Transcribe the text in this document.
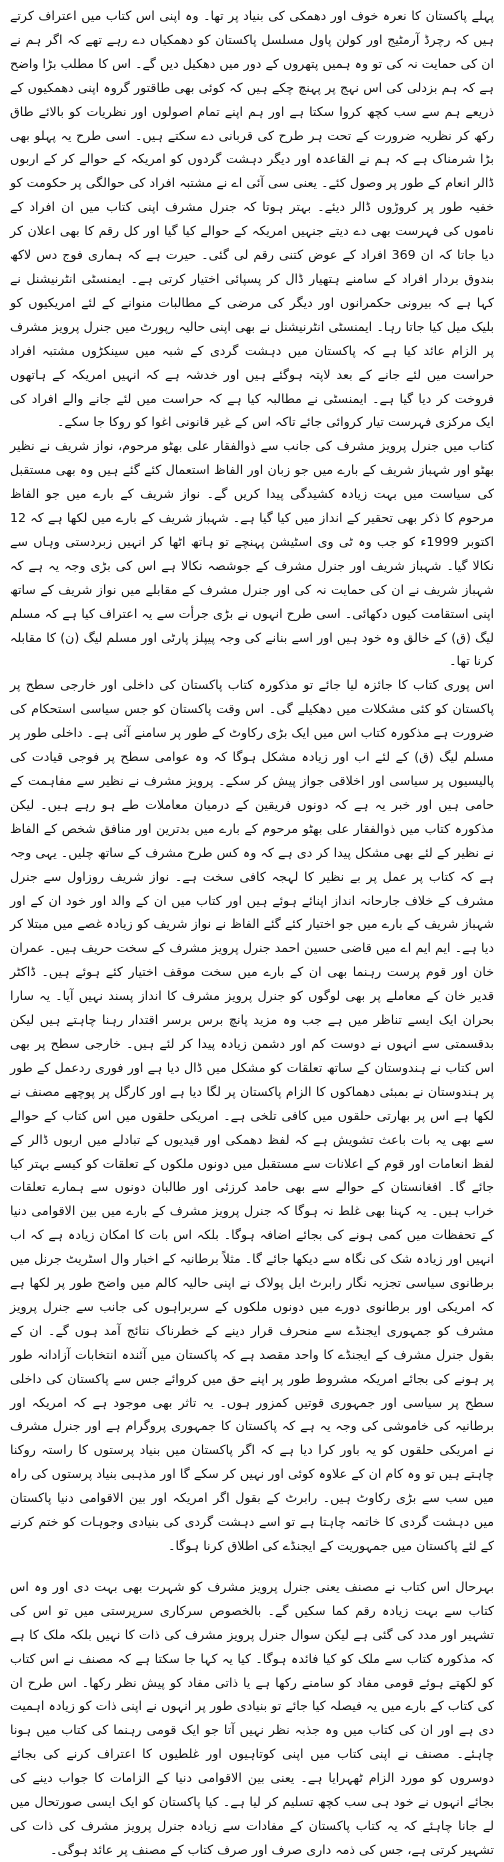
پہلے پاکستان کا نعرہ خوف اور دھمکی کی بنیاد پر تھا۔ وہ اپنی اس کتاب میں اعتراف کرتے ہیں کہ رچرڈ آرمٹیج اور کولن پاول مسلسل پاکستان کو دھمکیاں دے رہے تھے کہ اگر ہم نے ان کی حمایت نہ کی تو وہ ہمیں پتھروں کے دور میں دھکیل دیں گے۔ اس کا مطلب بڑا واضح ہے کہ ہم بزدلی کی اس نہج پر پہنچ چکے ہیں کہ کوئی بھی طاقتور گروہ اپنی دھمکیوں کے ذریعے ہم سے سب کچھ کروا سکتا ہے اور ہم اپنے تمام اصولوں اور نظریات کو بالائے طاق رکھ کر نظریہ ضرورت کے تحت ہر طرح کی قربانی دے سکتے ہیں۔ اسی طرح یہ پہلو بھی بڑا شرمناک ہے کہ ہم نے القاعدہ اور دیگر دہشت گردوں کو امریکہ کے حوالے کر کے اربوں ڈالر انعام کے طور پر وصول کئے۔ یعنی سی آئی اے نے مشتبہ افراد کی حوالگی پر حکومت کو خفیہ طور پر کروڑوں ڈالر دیئے۔ بہتر ہوتا کہ جنرل مشرف اپنی کتاب میں ان افراد کے ناموں کی فہرست بھی دے دیتے جنہیں امریکہ کے حوالے کیا گیا اور کل رقم کا بھی اعلان کر دیا جاتا کہ ان 369 افراد کے عوض کتنی رقم لی گئی۔ حیرت ہے کہ ہماری فوج دس لاکھ بندوق بردار افراد کے سامنے ہتھیار ڈال کر پسپائی اختیار کرتی ہے۔ ایمنسٹی انٹرنیشنل نے کہا ہے کہ بیرونی حکمرانوں اور دیگر کی مرضی کے مطالبات منوانے کے لئے امریکیوں کو بلیک میل کیا جاتا رہا۔ ایمنسٹی انٹرنیشنل نے بھی اپنی حالیہ رپورٹ میں جنرل پرویز مشرف پر الزام عائد کیا ہے کہ پاکستان میں دہشت گردی کے شبہ میں سینکڑوں مشتبہ افراد حراست میں لئے جانے کے بعد لاپتہ ہوگئے ہیں اور خدشہ ہے کہ انہیں امریکہ کے ہاتھوں فروخت کر دیا گیا ہے۔ ایمنسٹی نے مطالبہ کیا ہے کہ حراست میں لئے جانے والے افراد کی ایک مرکزی فہرست تیار کروائی جائے تاکہ اس کے غیر قانونی اغوا کو روکا جا سکے۔

کتاب میں جنرل پرویز مشرف کی جانب سے ذوالفقار علی بھٹو مرحوم، نواز شریف نے نظیر بھٹو اور شہباز شریف کے بارے میں جو زبان اور الفاظ استعمال کئے گئے ہیں وہ بھی مستقبل کی سیاست میں بہت زیادہ کشیدگی پیدا کریں گے۔ نواز شریف کے بارے میں جو الفاظ مرحوم کا ذکر بھی تحقیر کے انداز میں کیا گیا ہے۔ شہباز شریف کے بارے میں لکھا ہے کہ 12 اکتوبر 1999ء کو جب وہ ٹی وی اسٹیشن پہنچے تو ہاتھ اٹھا کر انہیں زبردستی وہاں سے نکالا گیا۔ شہباز شریف اور جنرل مشرف کے جوشصہ نکالا ہے اس کی بڑی وجہ یہ ہے کہ شہباز شریف نے ان کی حمایت نہ کی اور جنرل مشرف کے مقابلے میں نواز شریف کے ساتھ اپنی استقامت کیوں دکھائی۔ اسی طرح انہوں نے بڑی جرأت سے یہ اعتراف کیا ہے کہ مسلم لیگ (ق) کے خالق وہ خود ہیں اور اسے بنانے کی وجہ پیپلز پارٹی اور مسلم لیگ (ن) کا مقابلہ کرنا تھا۔

اس پوری کتاب کا جائزہ لیا جائے تو مذکورہ کتاب پاکستان کی داخلی اور خارجی سطح پر پاکستان کو کئی مشکلات میں دھکیلے گی۔ اس وقت پاکستان کو جس سیاسی استحکام کی ضرورت ہے مذکورہ کتاب اس میں ایک بڑی رکاوٹ کے طور پر سامنے آئی ہے۔ داخلی طور پر مسلم لیگ (ق) کے لئے اب اور زیادہ مشکل ہوگا کہ وہ عوامی سطح پر فوجی قیادت کی پالیسیوں پر سیاسی اور اخلاقی جواز پیش کر سکے۔ پرویز مشرف نے نظیر سے مفاہمت کے حامی ہیں اور خبر یہ ہے کہ دونوں فریقین کے درمیان معاملات طے ہو رہے ہیں۔ لیکن مذکورہ کتاب میں ذوالفقار علی بھٹو مرحوم کے بارے میں بدترین اور منافق شخص کے الفاظ نے نظیر کے لئے بھی مشکل پیدا کر دی ہے کہ وہ کس طرح مشرف کے ساتھ چلیں۔ یہی وجہ ہے کہ کتاب پر عمل پر بے نظیر کا لہجہ کافی سخت ہے۔ نواز شریف روزاول سے جنرل مشرف کے خلاف جارحانہ انداز اپنائے ہوئے ہیں اور کتاب میں ان کے والد اور خود ان کے اور شہباز شریف کے بارے میں جو اختیار کئے گئے الفاظ نے نواز شریف کو زیادہ غصے میں مبتلا کر دیا ہے۔ ایم ایم اے میں قاضی حسین احمد جنرل پرویز مشرف کے سخت حریف ہیں۔ عمران خان اور قوم پرست رہنما بھی ان کے بارے میں سخت موقف اختیار کئے ہوئے ہیں۔ ڈاکٹر قدیر خان کے معاملے پر بھی لوگوں کو جنرل پرویز مشرف کا انداز پسند نہیں آیا۔ یہ سارا بحران ایک ایسے تناظر میں ہے جب وہ مزید پانچ برس برسر اقتدار رہنا چاہتے ہیں لیکن بدقسمتی سے انہوں نے دوست کم اور دشمن زیادہ پیدا کر لئے ہیں۔ خارجی سطح پر بھی اس کتاب نے ہندوستان کے ساتھ تعلقات کو مشکل میں ڈال دیا ہے اور فوری ردعمل کے طور پر ہندوستان نے بمبئی دھماکوں کا الزام پاکستان پر لگا دیا ہے اور کارگل پر پوچھے مصنف نے لکھا ہے اس پر بھارتی حلقوں میں کافی تلخی ہے۔ امریکی حلقوں میں اس کتاب کے حوالے سے بھی یہ بات باعث تشویش ہے کہ لفظ دھمکی اور قیدیوں کے تبادلے میں اربوں ڈالر کے لفظ انعامات اور قوم کے اعلانات سے مستقبل میں دونوں ملکوں کے تعلقات کو کیسے بہتر کیا جائے گا۔ افغانستان کے حوالے سے بھی حامد کرزئی اور طالبان دونوں سے ہمارے تعلقات خراب ہیں۔ یہ کہنا بھی غلط نہ ہوگا کہ جنرل پرویز مشرف کے بارے میں بین الاقوامی دنیا کے تحفظات میں کمی ہونے کی بجائے اضافہ ہوگا۔ بلکہ اس بات کا امکان زیادہ ہے کہ اب انہیں اور زیادہ شک کی نگاہ سے دیکھا جائے گا۔ مثلاً برطانیہ کے اخبار وال اسٹریٹ جرنل میں برطانوی سیاسی تجزیہ نگار رابرٹ ایل پولاک نے اپنی حالیہ کالم میں واضح طور پر لکھا ہے کہ امریکی اور برطانوی دورے میں دونوں ملکوں کے سربراہوں کی جانب سے جنرل پرویز مشرف کو جمہوری ایجنڈے سے منحرف قرار دینے کے خطرناک نتائج آمد ہوں گے۔ ان کے بقول جنرل مشرف کے ایجنڈے کا واحد مقصد ہے کہ پاکستان میں آئندہ انتخابات آزادانہ طور پر ہونے کی بجائے امریکہ مشروط طور پر اپنے حق میں کروائے جس سے پاکستان کی داخلی سطح پر سیاسی اور جمہوری قوتیں کمزور ہوں۔ یہ تاثر بھی موجود ہے کہ امریکہ اور برطانیہ کی خاموشی کی وجہ یہ ہے کہ پاکستان کا جمہوری پروگرام ہے اور جنرل مشرف نے امریکی حلقوں کو یہ باور کرا دیا ہے کہ اگر پاکستان میں بنیاد پرستوں کا راستہ روکنا چاہتے ہیں تو وہ کام ان کے علاوہ کوئی اور نہیں کر سکے گا اور مذہبی بنیاد پرستوں کی راہ میں سب سے بڑی رکاوٹ ہیں۔ رابرٹ کے بقول اگر امریکہ اور بین الاقوامی دنیا پاکستان میں دہشت گردی کا خاتمہ چاہتا ہے تو اسے دہشت گردی کی بنیادی وجوہات کو ختم کرنے کے لئے پاکستان میں جمہوریت کے ایجنڈے کی اطلاق کرنا ہوگا۔

بہرحال اس کتاب نے مصنف یعنی جنرل پرویز مشرف کو شہرت بھی بہت دی اور وہ اس کتاب سے بہت زیادہ رقم کما سکیں گے۔ بالخصوص سرکاری سرپرستی میں تو اس کی تشہیر اور مدد کی گئی ہے لیکن سوال جنرل پرویز مشرف کی ذات کا نہیں بلکہ ملک کا ہے کہ مذکورہ کتاب سے ملک کو کیا فائدہ ہوگا۔ کیا یہ کہا جا سکتا ہے کہ مصنف نے اس کتاب کو لکھتے ہوئے قومی مفاد کو سامنے رکھا ہے یا ذاتی مفاد کو پیش نظر رکھا۔ اس طرح ان کی کتاب کے بارے میں یہ فیصلہ کیا جائے تو بنیادی طور پر انہوں نے اپنی ذات کو زیادہ اہمیت دی ہے اور ان کی کتاب میں وہ جذبہ نظر نہیں آتا جو ایک قومی رہنما کی کتاب میں ہونا چاہئے۔ مصنف نے اپنی کتاب میں اپنی کوتاہیوں اور غلطیوں کا اعتراف کرنے کی بجائے دوسروں کو مورد الزام ٹھہرایا ہے۔ یعنی بین الاقوامی دنیا کے الزامات کا جواب دینے کی بجائے انہوں نے خود ہی سب کچھ تسلیم کر لیا ہے۔ کیا پاکستان کو ایک ایسی صورتحال میں لے جانا چاہئے کہ یہ کتاب پاکستان کے مفادات سے زیادہ جنرل پرویز مشرف کی ذات کی تشہیر کرتی ہے، جس کی ذمہ داری صرف اور صرف کتاب کے مصنف پر عائد ہوگی۔
